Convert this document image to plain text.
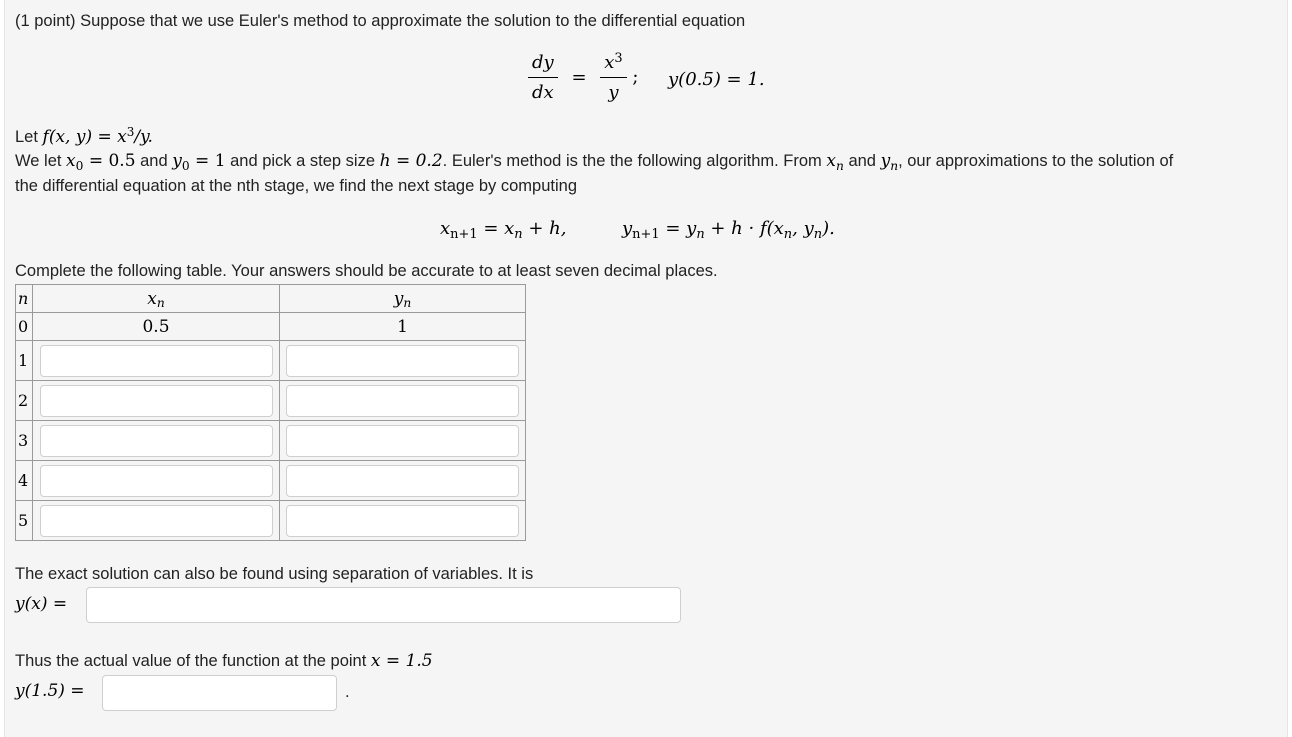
(1 point) Suppose that we use Euler's method to approximate the solution to the differential equation
$\frac{dy}{dx} = \frac{x^3}{y}$ ; y(0.5) = 1.
Let f(x, $y) = x^3/y$.
We let $x_0 = 0.5$ and $y_0 = 1$ and pick a step size h = 0.2. Euler's method is the the following algorithm. From $x_n$ and $y_n$, our approximations to the solution of
the differential equation at the nth stage, we find the next stage by computing
$x_{n+1} = x_n + h$,	$y_{n+1} = y_n + h \cdot f(x_n$, $y_n$).
Complete the following table. Your answers should be accurate to at least seven decimal places.
n	$x_n$	$y_n$
0	0.5	1
1	

2	

3	

4	

5	

The exact solution can also be found using separation of variables. It is
y(x) =
Thus the actual value of the function at the point x = 1.5
y(1.5) =	.
